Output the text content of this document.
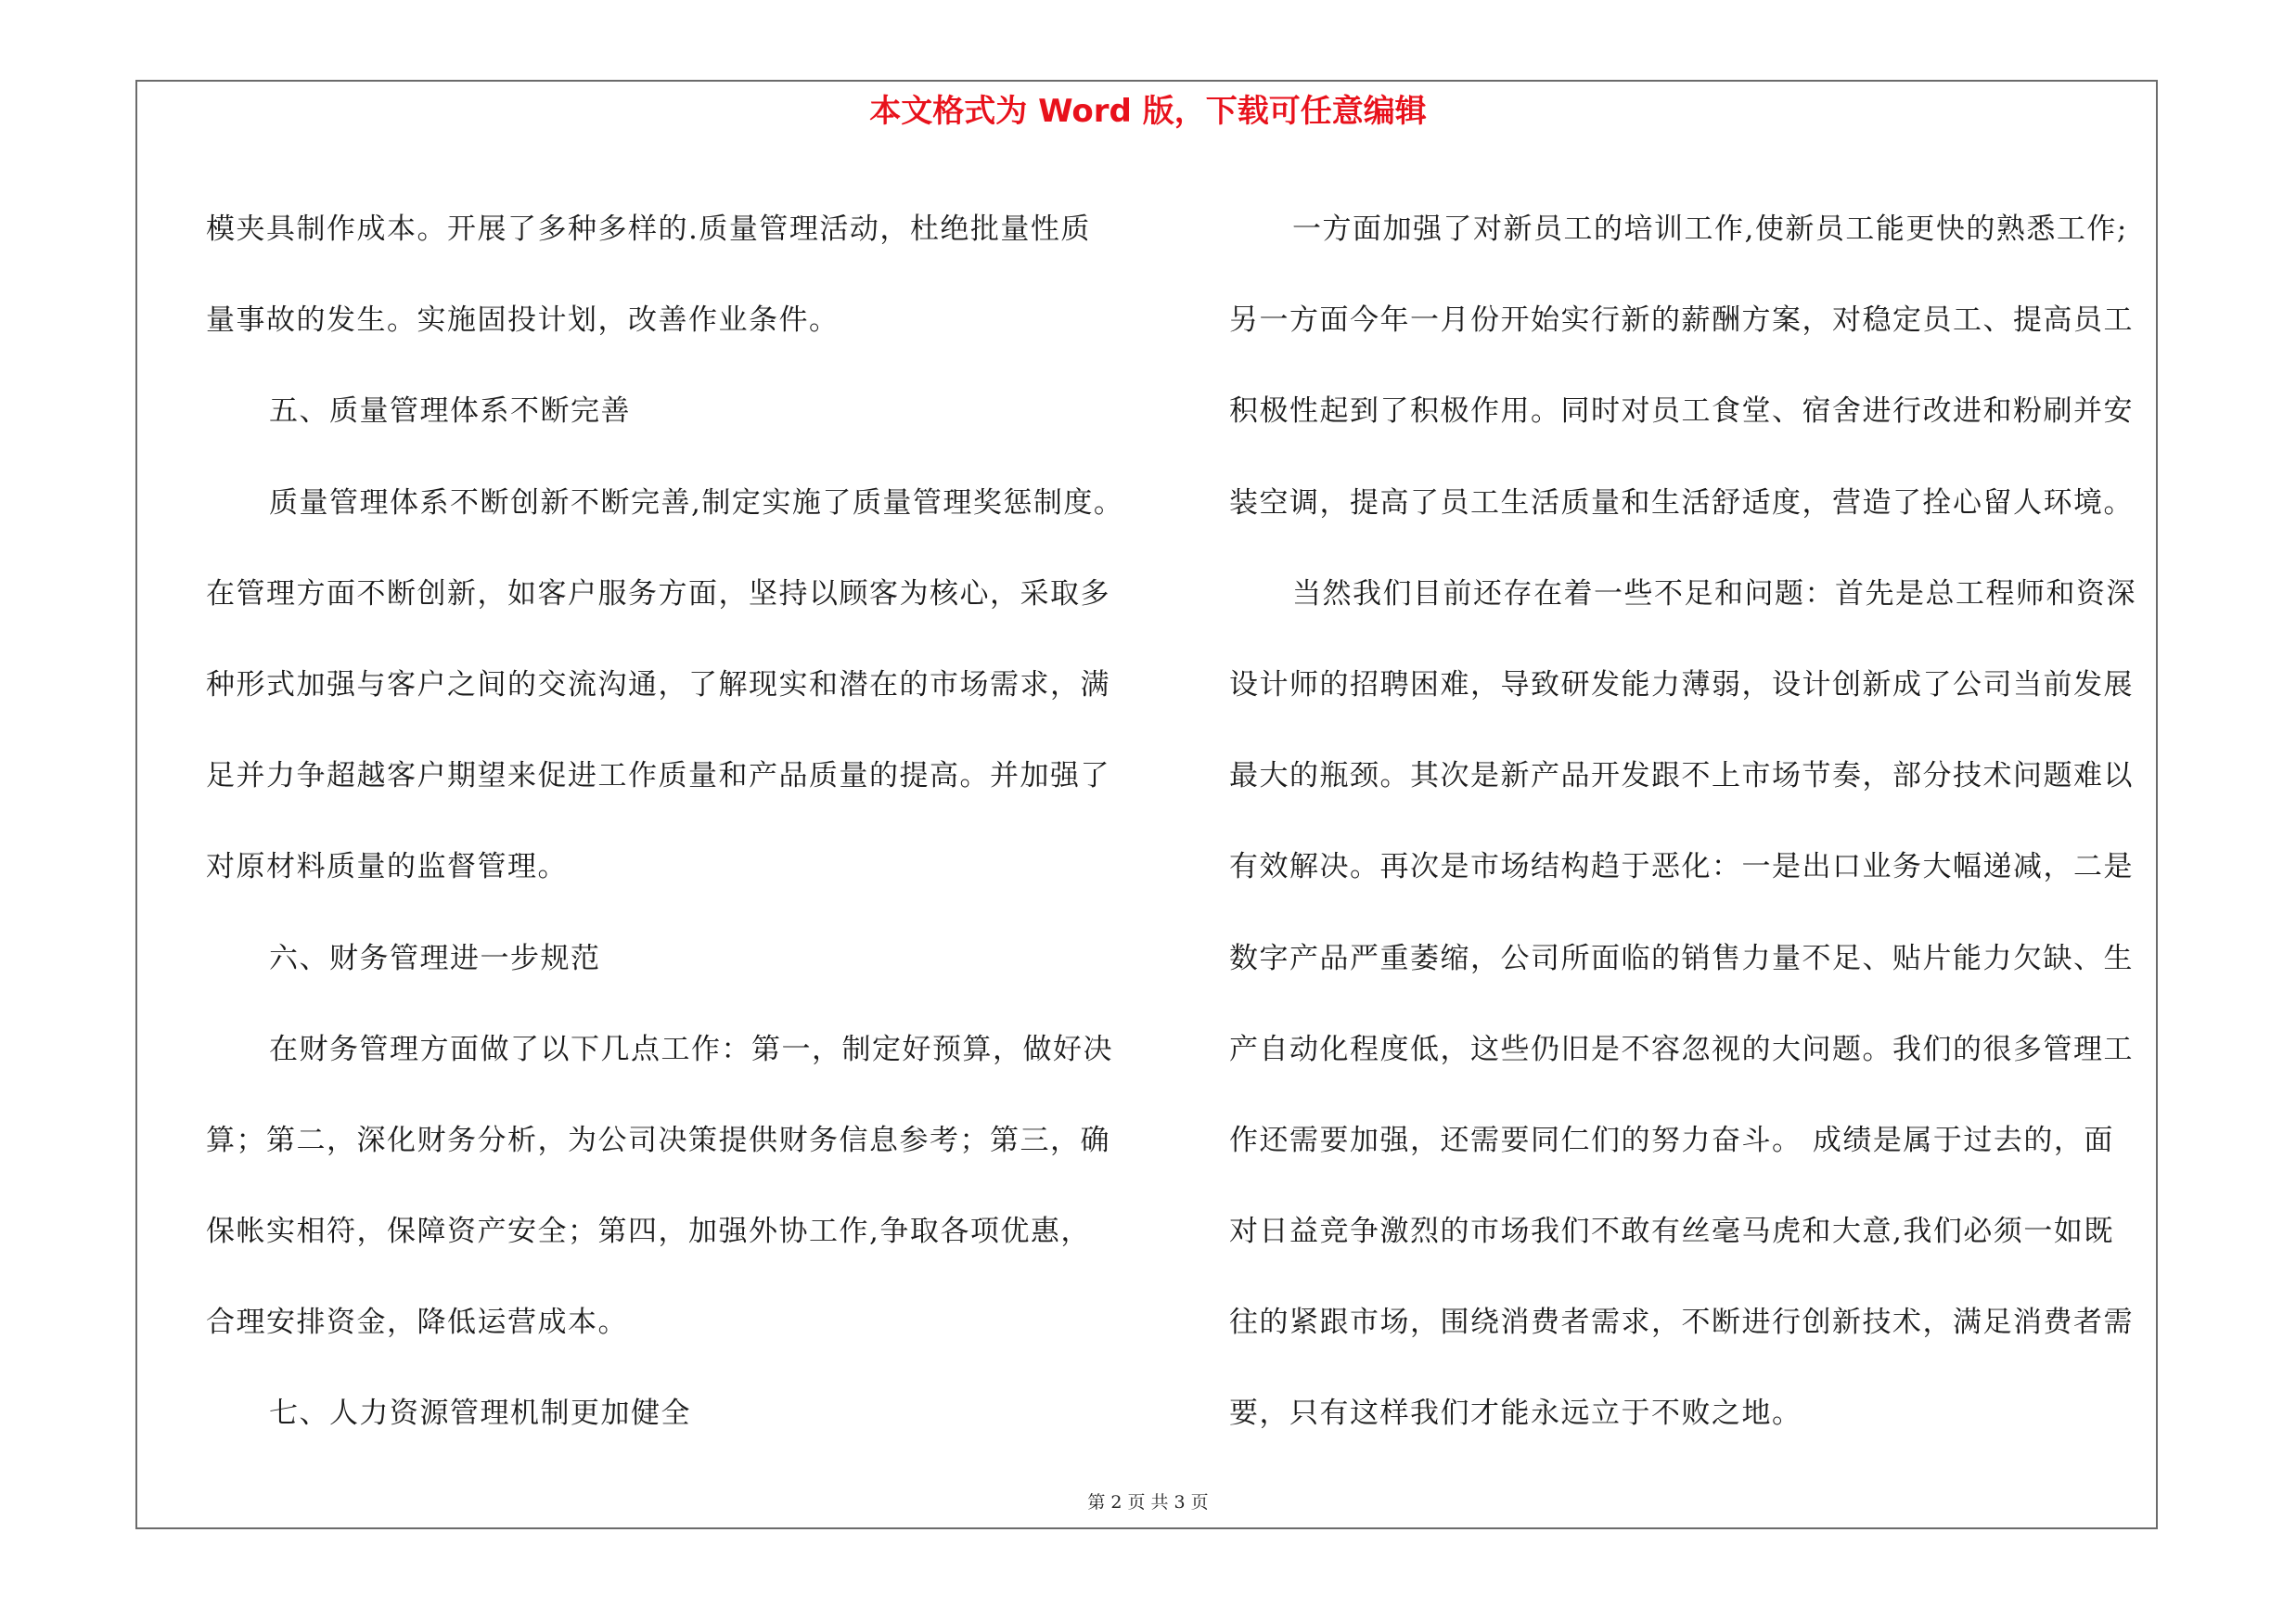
本文格式为 Word 版，下载可任意编辑
模夹具制作成本。开展了多种多样的.质量管理活动，杜绝批量性质
量事故的发生。实施固投计划，改善作业条件。
五、质量管理体系不断完善
质量管理体系不断创新不断完善,制定实施了质量管理奖惩制度。
在管理方面不断创新，如客户服务方面，坚持以顾客为核心，采取多
种形式加强与客户之间的交流沟通，了解现实和潜在的市场需求，满
足并力争超越客户期望来促进工作质量和产品质量的提高。并加强了
对原材料质量的监督管理。
六、财务管理进一步规范
在财务管理方面做了以下几点工作：第一，制定好预算，做好决
算；第二，深化财务分析，为公司决策提供财务信息参考；第三，确
保帐实相符，保障资产安全；第四，加强外协工作,争取各项优惠，
合理安排资金，降低运营成本。
七、人力资源管理机制更加健全
一方面加强了对新员工的培训工作,使新员工能更快的熟悉工作;
另一方面今年一月份开始实行新的薪酬方案，对稳定员工、提高员工
积极性起到了积极作用。同时对员工食堂、宿舍进行改进和粉刷并安
装空调，提高了员工生活质量和生活舒适度，营造了拴心留人环境。
当然我们目前还存在着一些不足和问题：首先是总工程师和资深
设计师的招聘困难，导致研发能力薄弱，设计创新成了公司当前发展
最大的瓶颈。其次是新产品开发跟不上市场节奏，部分技术问题难以
有效解决。再次是市场结构趋于恶化：一是出口业务大幅递减，二是
数字产品严重萎缩，公司所面临的销售力量不足、贴片能力欠缺、生
产自动化程度低，这些仍旧是不容忽视的大问题。我们的很多管理工
作还需要加强，还需要同仁们的努力奋斗。 成绩是属于过去的，面
对日益竞争激烈的市场我们不敢有丝毫马虎和大意,我们必须一如既
往的紧跟市场，围绕消费者需求，不断进行创新技术，满足消费者需
要，只有这样我们才能永远立于不败之地。
第 2 页 共 3 页
